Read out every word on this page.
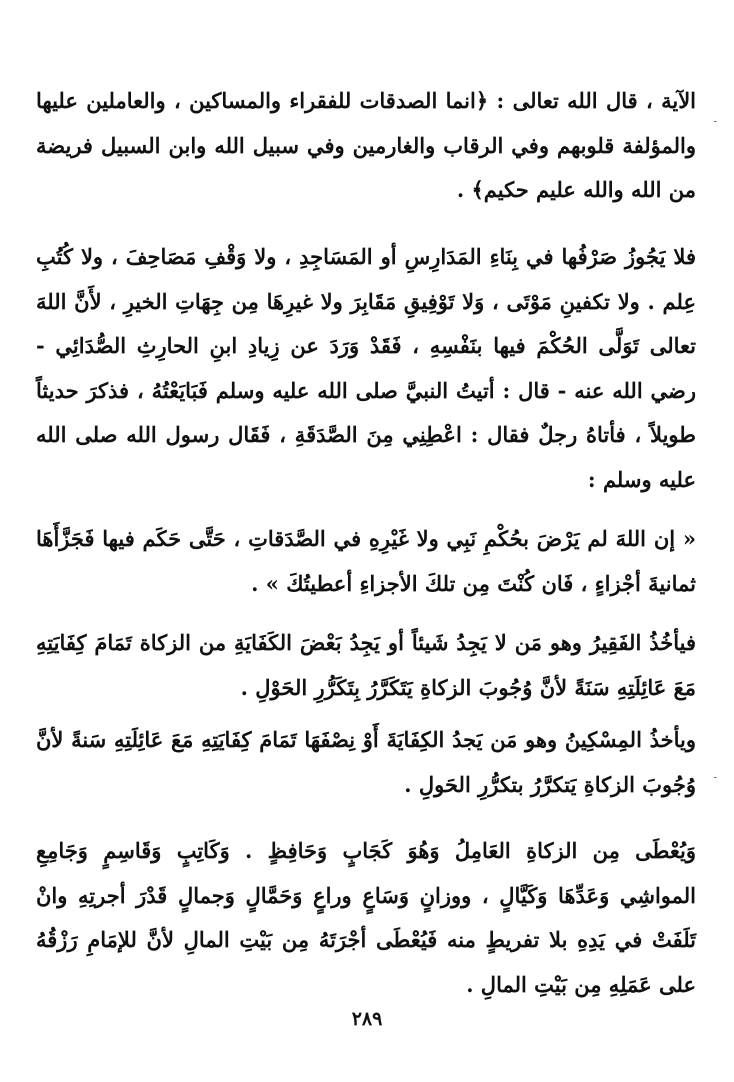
۔
۔

الآية ، قال الله تعالى : ﴿انما الصدقات للفقراء والمساكين ، والعاملين عليها والمؤلفة قلوبهم وفي الرقاب والغارمين وفي سبيل الله وابن السبيل فريضة من الله والله عليم حكيم﴾ .

فلا يَجُوزُ صَرْفُها في بِنَاءِ المَدَارِسِ أو المَسَاجِدِ ، ولا وَقْفِ مَصَاحِفَ ، ولا كُتُبِ عِلم . ولا تكفينِ مَوْتَى ، وَلا تَوْفِيقِ مَقَابِرَ ولا غيرِهَا مِن جِهَاتِ الخيرِ ، لأَنَّ اللهَ تعالى تَوَلَّى الحُكْمَ فيها بنَفْسِهِ ، فَقَدْ وَرَدَ عن زِيادِ ابنِ الحارِثِ الصُّدَائِي - رضي الله عنه - قال : أتيتُ النبيَّ صلى الله عليه وسلم فَبَايَعْتُهُ ، فذكرَ حديثاً طويلاً ، فأتاهُ رجلٌ فقال : اعْطِنِي مِنَ الصَّدَقَةِ ، فَقَال رسول الله صلى الله عليه وسلم :

« إن اللهَ لم يَرْضَ بحُكْمِ نَبِي ولا غَيْرِهِ في الصَّدَقاتِ ، حَتَّى حَكَم فيها فَجَزَّأَهَا ثمانيةَ أجْزاءٍ ، فَان كُنْتَ مِن تلكَ الأجزاءِ أعطيتُكَ » .

فيأخُذُ الفَقِيرُ وهو مَن لا يَجِدُ شَيئاً أو يَجِدُ بَعْضَ الكَفَايَةِ من الزكاة تَمَامَ كِفَايَتِهِ مَعَ عَائِلَتِهِ سَنَةً لأنَّ وُجُوبَ الزكاةِ يَتَكَرَّرُ بِتَكَرُّرِ الحَوْلِ .

ويأخذُ المِسْكِينُ وهو مَن يَجدُ الكِفَايَةَ أَوْ نِصْفَهَا تَمَامَ كِفَايَتِهِ مَعَ عَائِلَتِهِ سَنةً لأنَّ وُجُوبَ الزكاةِ يَتكرَّرُ بتكرُّرِ الحَولِ .

وَيُعْطَى مِن الزكاةِ العَامِلُ وَهُوَ كَجَابٍ وَحَافِظٍ . وَكَاتِبٍ وَقَاسِمٍ وَجَامِعِ المواشِي وَعَدِّهَا وَكَيَّالٍ ، ووزانٍ وَسَاعٍ وراعٍ وَحَمَّالٍ وَجمالٍ قَدْرَ أجرتِهِ وانْ تَلَفَتْ في يَدِهِ بلا تفريطٍ منه فَيُعْطَى أجْرَتَهُ مِن بَيْتِ المالِ لأنَّ للإمَامِ رَزْقُهُ على عَمَلِهِ مِن بَيْتِ المالِ .

٢٨٩
